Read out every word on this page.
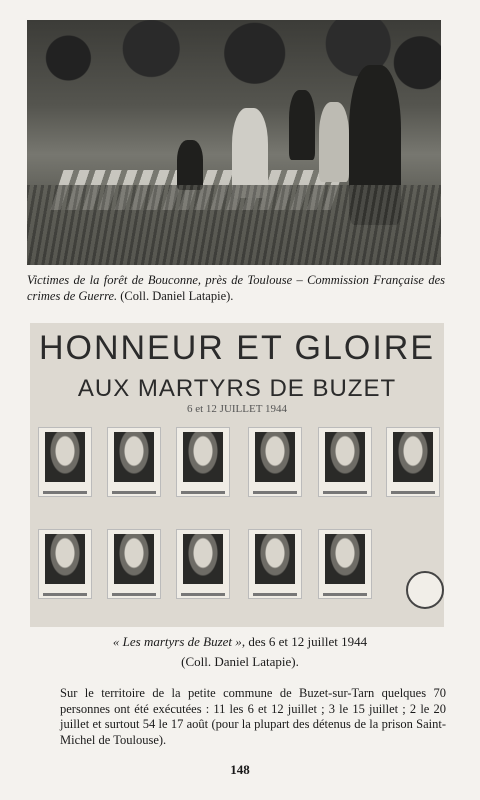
Victimes de la forêt de Bouconne, près de Toulouse – Commission Française des crimes de Guerre. (Coll. Daniel Latapie).
HONNEUR ET GLOIRE
AUX MARTYRS DE BUZET
6 et 12 JUILLET 1944
« Les martyrs de Buzet », des 6 et 12 juillet 1944
(Coll. Daniel Latapie).
Sur le territoire de la petite commune de Buzet-sur-Tarn quelques 70 personnes ont été exécutées : 11 les 6 et 12 juillet ; 3 le 15 juillet ; 2 le 20 juillet et surtout 54 le 17 août (pour la plupart des détenus de la prison Saint-Michel de Toulouse).
148
